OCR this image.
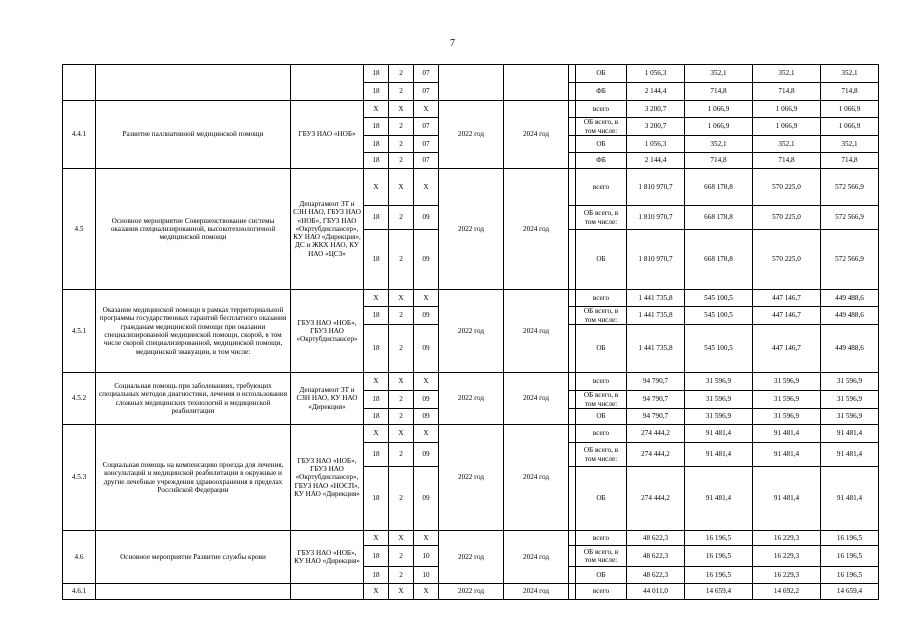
7
			18	2	07				ОБ	1 056,3	352,1	352,1	352,1
			18	2	07				ФБ	2 144,4	714,8	714,8	714,8
4.4.1	Развитие паллиативной медицинской помощи	ГБУЗ НАО «НОБ»	X	X	X	2022 год	2024 год		всего	3 200,7	1 066,9	1 066,9	1 066,9
			18	2	07				ОБ всего, в том числе:	3 200,7	1 066,9	1 066,9	1 066,9
			18	2	07				ОБ	1 056,3	352,1	352,1	352,1
			18	2	07				ФБ	2 144,4	714,8	714,8	714,8
4.5	Основное мероприятие Совершенствование системы оказания специализированной, высокотехнологичной медицинской помощи	Департамент ЗТ и СЗН НАО, ГБУЗ НАО «НОБ», ГБУЗ НАО «Окртубдиспансер», КУ НАО «Дирекция», ДС и ЖКХ НАО, КУ НАО «ЦСЗ»	X	X	X	2022 год	2024 год		всего	1 810 970,7	668 178,8	570 225,0	572 566,9
			18	2	09				ОБ всего, в том числе:	1 810 970,7	668 178,8	570 225,0	572 566,9
			18	2	09				ОБ	1 810 970,7	668 178,8	570 225,0	572 566,9
4.5.1	Оказание медицинской помощи в рамках территориальной программы государственных гарантий бесплатного оказания гражданам медицинской помощи при оказании специализированной медицинской помощи, скорой, в том числе скорой специализированной, медицинской помощи, медицинской эвакуации, в том числе:	ГБУЗ НАО «НОБ», ГБУЗ НАО «Окртубдиспансер»	X	X	X	2022 год	2024 год		всего	1 441 735,8	545 100,5	447 146,7	449 488,6
			18	2	09				ОБ всего, в том числе:	1 441 735,8	545 100,5	447 146,7	449 488,6
			18	2	09				ОБ	1 441 735,8	545 100,5	447 146,7	449 488,6
4.5.2	Социальная помощь при заболеваниях, требующих специальных методов диагностики, лечения и использования сложных медицинских технологий и медицинской реабилитации	Департамент ЗТ и СЗН НАО, КУ НАО «Дирекция»	X	X	X	2022 год	2024 год		всего	94 790,7	31 596,9	31 596,9	31 596,9
			18	2	09				ОБ всего, в том числе:	94 790,7	31 596,9	31 596,9	31 596,9
			18	2	09				ОБ	94 790,7	31 596,9	31 596,9	31 596,9
4.5.3	Социальная помощь на компенсацию проезда для лечения, консультаций и медицинской реабилитации в окружные и другие лечебные учреждения здравоохранения в пределах Российской Федерации	ГБУЗ НАО «НОБ», ГБУЗ НАО «Окртубдиспансер», ГБУЗ НАО «НОСП», КУ НАО «Дирекция»	X	X	X	2022 год	2024 год		всего	274 444,2	91 481,4	91 481,4	91 481,4
			18	2	09				ОБ всего, в том числе:	274 444,2	91 481,4	91 481,4	91 481,4
			18	2	09				ОБ	274 444,2	91 481,4	91 481,4	91 481,4
4.6	Основное мероприятие Развитие службы крови	ГБУЗ НАО «НОБ», КУ НАО «Дирекция»	X	X	X	2022 год	2024 год		всего	48 622,3	16 196,5	16 229,3	16 196,5
			18	2	10				ОБ всего, в том числе:	48 622,3	16 196,5	16 229,3	16 196,5
			18	2	10				ОБ	48 622,3	16 196,5	16 229,3	16 196,5
4.6.1			X	X	X	2022 год	2024 год		всего	44 011,0	14 659,4	14 692,2	14 659,4
